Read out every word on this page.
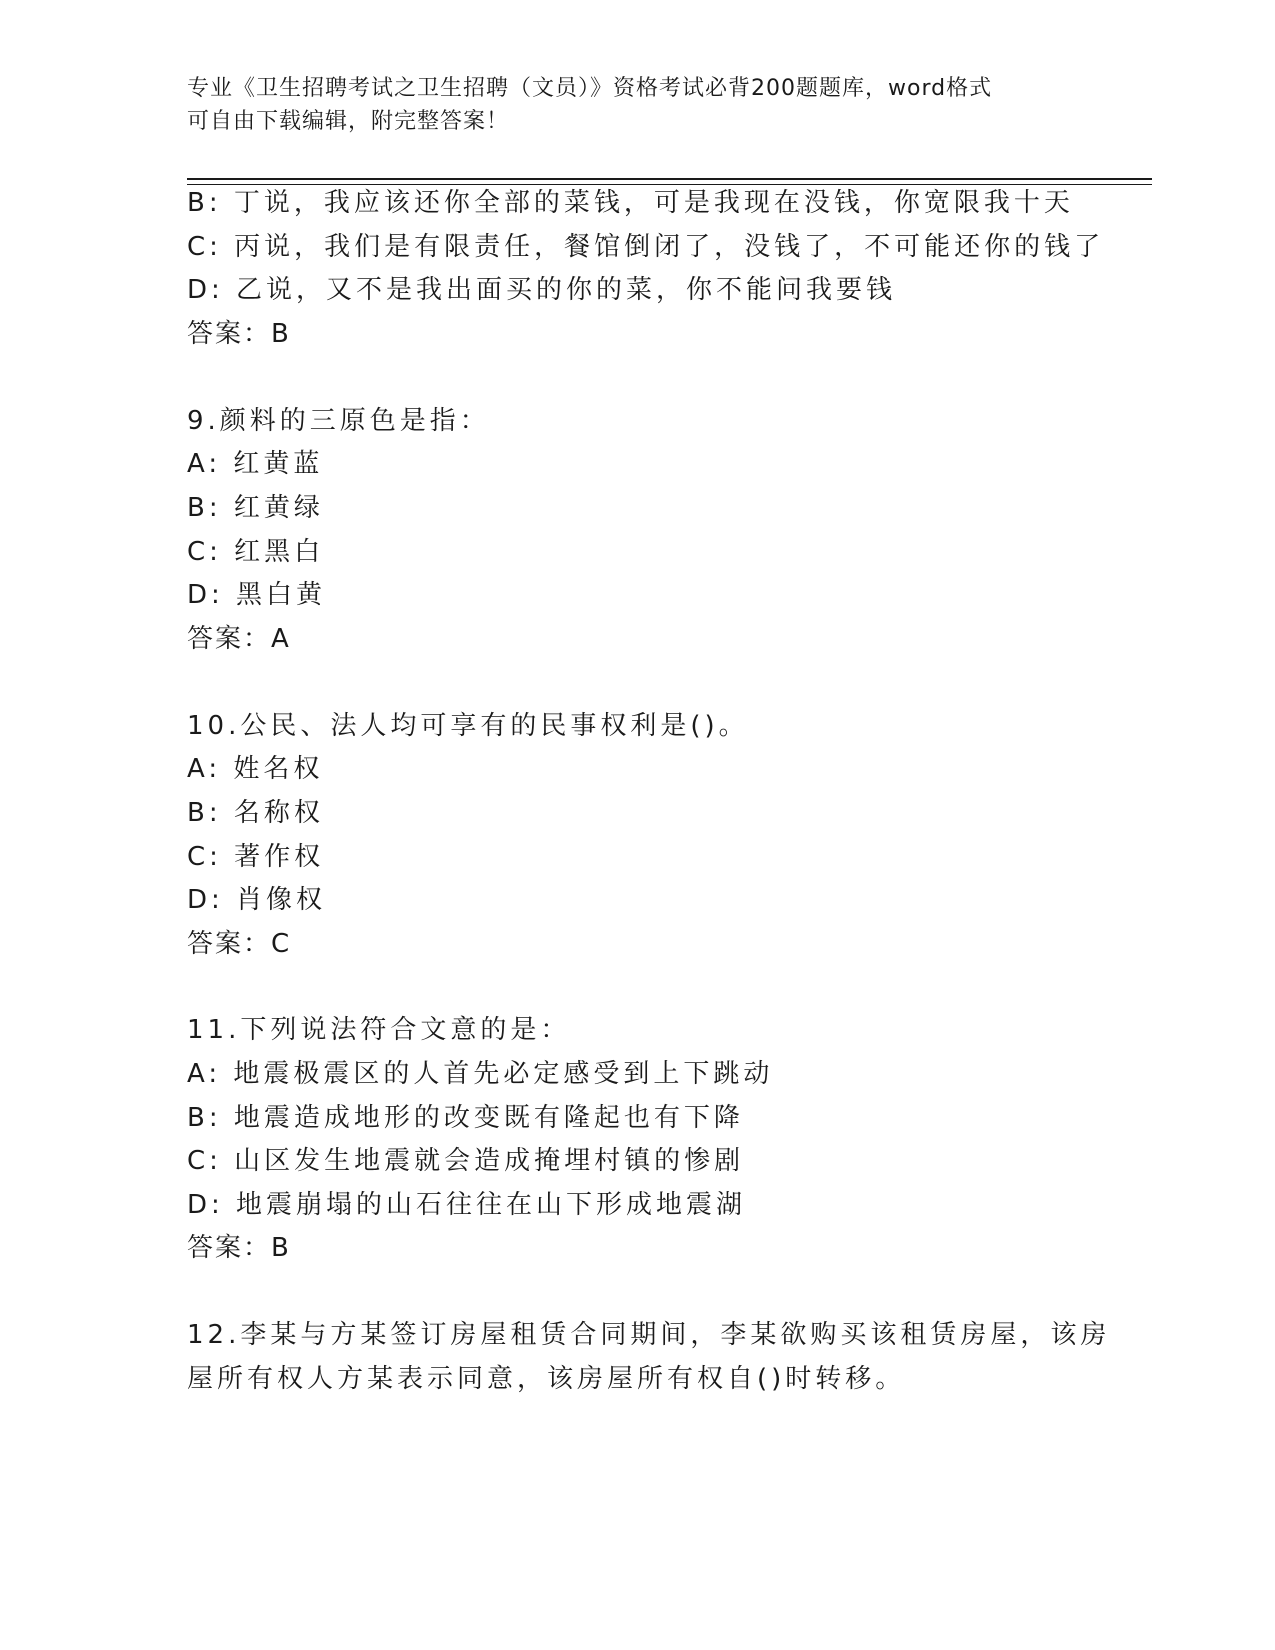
专业《卫生招聘考试之卫生招聘（文员）》资格考试必背200题题库，word格式
可自由下载编辑，附完整答案！
B: 丁说，我应该还你全部的菜钱，可是我现在没钱，你宽限我十天
C: 丙说，我们是有限责任，餐馆倒闭了，没钱了，不可能还你的钱了
D: 乙说，又不是我出面买的你的菜，你不能问我要钱
答案：B
9.颜料的三原色是指：
A: 红黄蓝
B: 红黄绿
C: 红黑白
D: 黑白黄
答案：A
10.公民、法人均可享有的民事权利是()。
A: 姓名权
B: 名称权
C: 著作权
D: 肖像权
答案：C
11.下列说法符合文意的是：
A: 地震极震区的人首先必定感受到上下跳动
B: 地震造成地形的改变既有隆起也有下降
C: 山区发生地震就会造成掩埋村镇的惨剧
D: 地震崩塌的山石往往在山下形成地震湖
答案：B
12.李某与方某签订房屋租赁合同期间，李某欲购买该租赁房屋，该房
屋所有权人方某表示同意，该房屋所有权自()时转移。
